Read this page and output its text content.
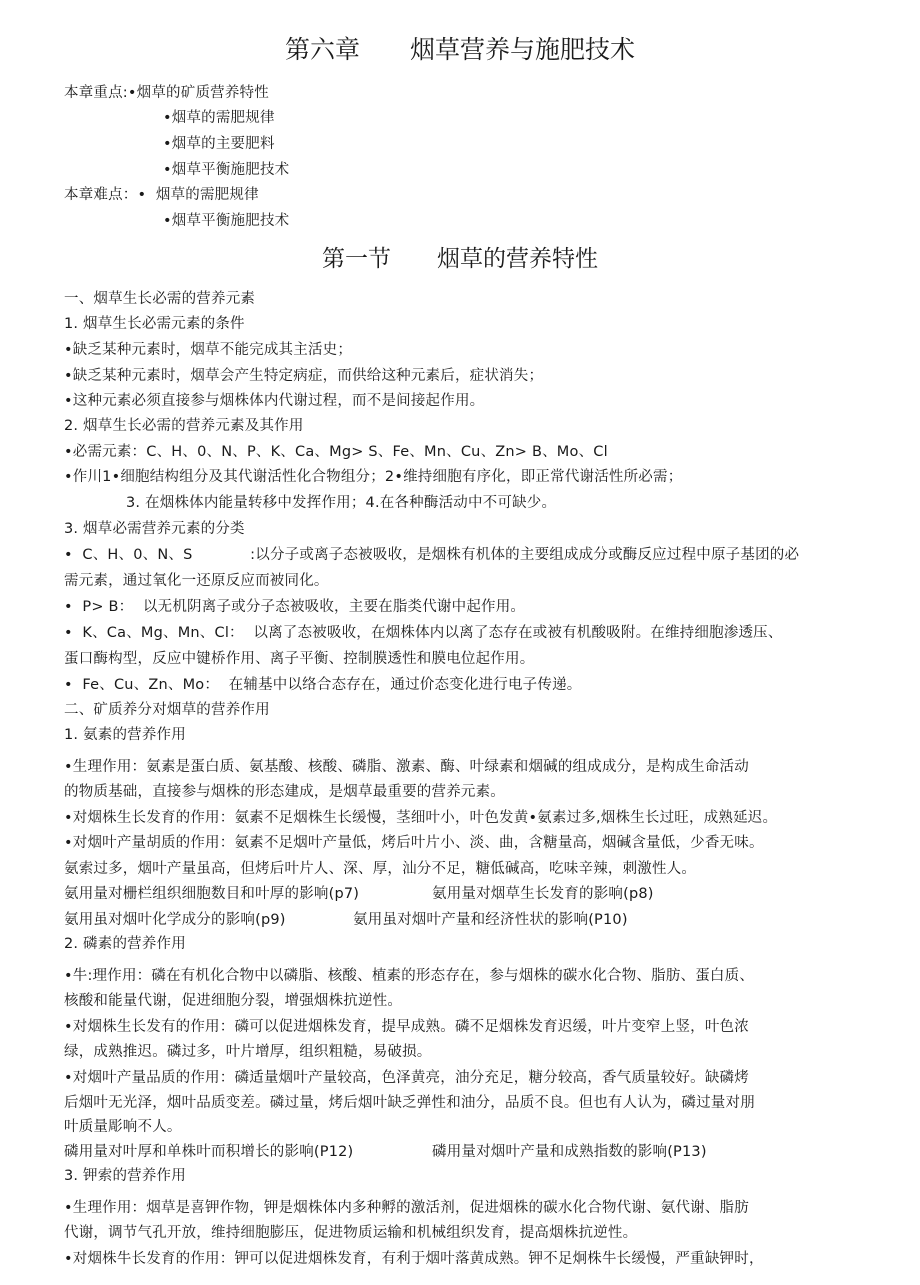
第六章　　烟草营养与施肥技术
本章重点:•烟草的矿质营养特性
•烟草的需肥规律
•烟草的主要肥料
•烟草平衡施肥技术
本章难点：•  烟草的需肥规律
•烟草平衡施肥技术
第一节　　烟草的营养特性
一、烟草生长必需的营养元素
1. 烟草生长必需元素的条件
•缺乏某种元素时，烟草不能完成其主活史；
•缺乏某种元素时，烟草会产生特定病症，而供给这种元素后，症状消失；
•这种元素必须直接参与烟株体内代谢过程，而不是间接起作用。
2. 烟草生长必需的营养元素及其作用
•必需元素：C、H、0、N、P、K、Ca、Mg> S、Fe、Mn、Cu、Zn> B、Mo、Cl
•作川1•细胞结构组分及其代谢活性化合物组分；2•维持细胞有序化，即正常代谢活性所必需；
3. 在烟株体内能量转移中发挥作用；4.在各种酶活动中不可缺少。
3. 烟草必需营养元素的分类
•  C、H、0、N、S            :以分子或离子态被吸收，是烟株有机体的主要组成成分或酶反应过程中原子基团的必
需元素，通过氧化一还原反应而被同化。
•  P> B：  以无机阴离子或分子态被吸收，主要在脂类代谢中起作用。
•  K、Ca、Mg、Mn、Cl：  以离了态被吸收，在烟株体内以离了态存在或被有机酸吸附。在维持细胞渗透压、
蛋口酶构型，反应中键桥作用、离子平衡、控制膜透性和膜电位起作用。
•  Fe、Cu、Zn、Mo：  在辅基中以络合态存在，通过价态变化进行电子传递。
二、矿质养分对烟草的营养作用
1. 氨素的营养作用
•生理作用：氨素是蛋白质、氨基酸、核酸、磷脂、激素、酶、叶绿素和烟碱的组成成分，是构成生命活动
的物质基础，直接参与烟株的形态建成，是烟草最重要的营养元素。
•对烟株生长发育的作用：氨素不足烟株生长缓慢，茎细叶小，叶色发黄•氨素过多,烟株生长过旺，成熟延迟。
•对烟叶产量胡质的作用：氨素不足烟叶产量低，烤后叶片小、淡、曲，含糖量高，烟碱含量低，少香无味。
氨索过多，烟叶产量虽高，但烤后叶片人、深、厚，汕分不足，糖低碱高，吃味辛辣，刺激性人。
氨用量对栅栏组织细胞数目和叶厚的影响(p7)	氨用量对烟草生长发育的影响(p8)
氨用虽对烟叶化学成分的影响(p9)	氨用虽对烟叶产量和经济性状的影响(P10)
2. 磷素的营养作用
•牛:理作用：磷在有机化合物中以磷脂、核酸、植素的形态存在，参与烟株的碳水化合物、脂肪、蛋白质、
核酸和能量代谢，促进细胞分裂，增强烟株抗逆性。
•对烟株生长发有的作用：磷可以促进烟株发育，提早成熟。磷不足烟株发育迟缓，叶片变窄上竖，叶色浓
绿，成熟推迟。磷过多，叶片增厚，组织粗糙，易破损。
•对烟叶产量品质的作用：磷适量烟叶产量较高，色泽黄亮，油分充足，糖分较高，香气质量较好。缺磷烤
后烟叶无光泽，烟叶品质变差。磷过量，烤后烟叶缺乏弹性和油分，品质不良。但也有人认为，磷过量对朋
叶质量彫响不人。
磷用量对叶厚和单株叶而积增长的影响(P12)	磷用量对烟叶产量和成熟指数的影响(P13)
3. 钾索的营养作用
•生理作用：烟草是喜钾作物，钾是烟株体内多种孵的激活剂，促进烟株的碳水化合物代谢、氨代谢、脂肪
代谢，调节气孔开放，维持细胞膨压，促进物质运输和机械组织发育，提高烟株抗逆性。
•对烟株牛长发育的作用：钾可以促进烟株发育，有利于烟叶落黄成熟。钾不足炯株牛长缓慢，严重缺钾时，
